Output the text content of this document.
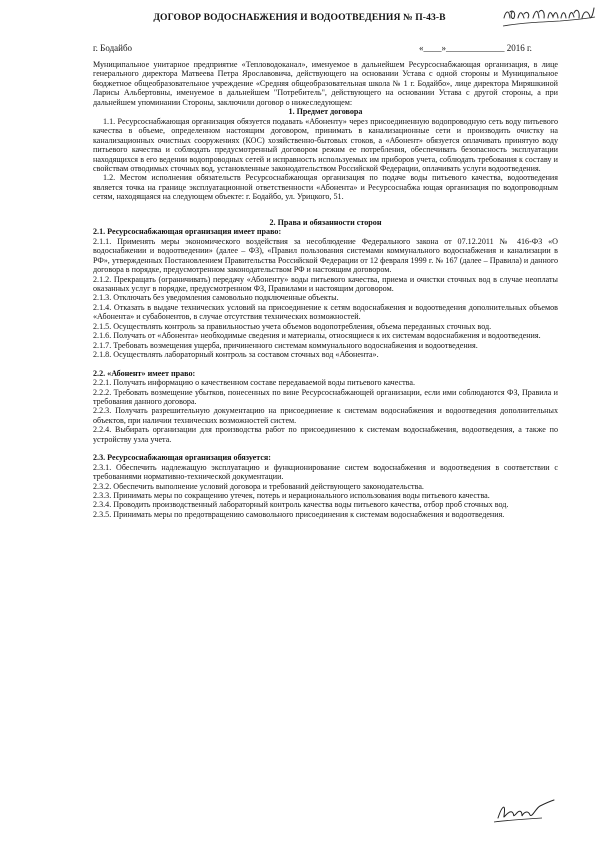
ДОГОВОР ВОДОСНАБЖЕНИЯ И ВОДООТВЕДЕНИЯ № П-43-В
г. Бодайбо	«____»_____________ 2016 г.

Муниципальное унитарное предприятие «Тепловодоканал», именуемое в дальнейшем Ресурсоснабжающая организация, в лице генерального директора Матвеева Петра Ярославовича, действующего на основании Устава с одной стороны и Муниципальное бюджетное общеобразовательное учреждение «Средняя общеобразовательная школа № 1 г. Бодайбо», лице директора Миряшкиной Ларисы Альбертовны, именуемое в дальнейшем "Потребитель", действующего на основании Устава с другой стороны, а при дальнейшем упоминании Стороны, заключили договор о нижеследующем:

1. Предмет договора

1.1. Ресурсоснабжающая организация обязуется подавать «Абоненту» через присоединенную водопроводную сеть воду питьевого качества в объеме, определенном настоящим договором, принимать в канализационные сети и производить очистку на канализационных очистных сооружениях (КОС) хозяйственно-бытовых стоков, а «Абонент» обязуется оплачивать принятую воду питьевого качества и соблюдать предусмотренный договором режим ее потребления, обеспечивать безопасность эксплуатации находящихся в его ведении водопроводных сетей и исправность используемых им приборов учета, соблюдать требования к составу и свойствам отводимых сточных вод, установленные законодательством Российской Федерации, оплачивать услуги водоотведения.

1.2. Местом исполнения обязательств Ресурсоснабжающая организация по подаче воды питьевого качества, водоотведения является точка на границе эксплуатационной ответственности «Абонента» и Ресурсоснабжа ющая организация по водопроводным сетям, находящаяся на следующем объекте: г. Бодайбо, ул. Урицкого, 51.

2. Права и обязанности сторон

2.1. Ресурсоснабжающая организация имеет право:

2.1.1. Применять меры экономического воздействия за несоблюдение Федерального закона от 07.12.2011 № 416-ФЗ «О водоснабжении и водоотведении» (далее – ФЗ), «Правил пользования системами коммунального водоснабжения и канализации в РФ», утвержденных Постановлением Правительства Российской Федерации от 12 февраля 1999 г. № 167 (далее – Правила) и данного договора в порядке, предусмотренном законодательством РФ и настоящим договором.

2.1.2. Прекращать (ограничивать) передачу «Абоненту» воды питьевого качества, приема и очистки сточных вод в случае неоплаты оказанных услуг в порядке, предусмотренном ФЗ, Правилами и настоящим договором.

2.1.3. Отключать без уведомления самовольно подключенные объекты.

2.1.4. Отказать в выдаче технических условий на присоединение к сетям водоснабжения и водоотведения дополнительных объемов «Абонента» и субабонентов, в случае отсутствия технических возможностей.

2.1.5. Осуществлять контроль за правильностью учета объемов водопотребления, объема переданных сточных вод.

2.1.6. Получать от «Абонента» необходимые сведения и материалы, относящиеся к их системам водоснабжения и водоотведения.

2.1.7. Требовать возмещения ущерба, причиненного системам коммунального водоснабжения и водоотведения.

2.1.8. Осуществлять лабораторный контроль за составом сточных вод «Абонента».

2.2. «Абонент» имеет право:

2.2.1. Получать информацию о качественном составе передаваемой воды питьевого качества.

2.2.2. Требовать возмещение убытков, понесенных по вине Ресурсоснабжающей организации, если ими соблюдаются ФЗ, Правила и требования данного договора.

2.2.3. Получать разрешительную документацию на присоединение к системам водоснабжения и водоотведения дополнительных объектов, при наличии технических возможностей систем.

2.2.4. Выбирать организации для производства работ по присоединению к системам водоснабжения, водоотведения, а также по устройству узла учета.

2.3. Ресурсоснабжающая организация обязуется:

2.3.1. Обеспечить надлежащую эксплуатацию и функционирование систем водоснабжения и водоотведения в соответствии с требованиями нормативно-технической документации.

2.3.2. Обеспечить выполнение условий договора и требований действующего законодательства.

2.3.3. Принимать меры по сокращению утечек, потерь и нерационального использования воды питьевого качества.

2.3.4. Проводить производственный лабораторный контроль качества воды питьевого качества, отбор проб сточных вод.

2.3.5. Принимать меры по предотвращению самовольного присоединения к системам водоснабжения и водоотведения.
